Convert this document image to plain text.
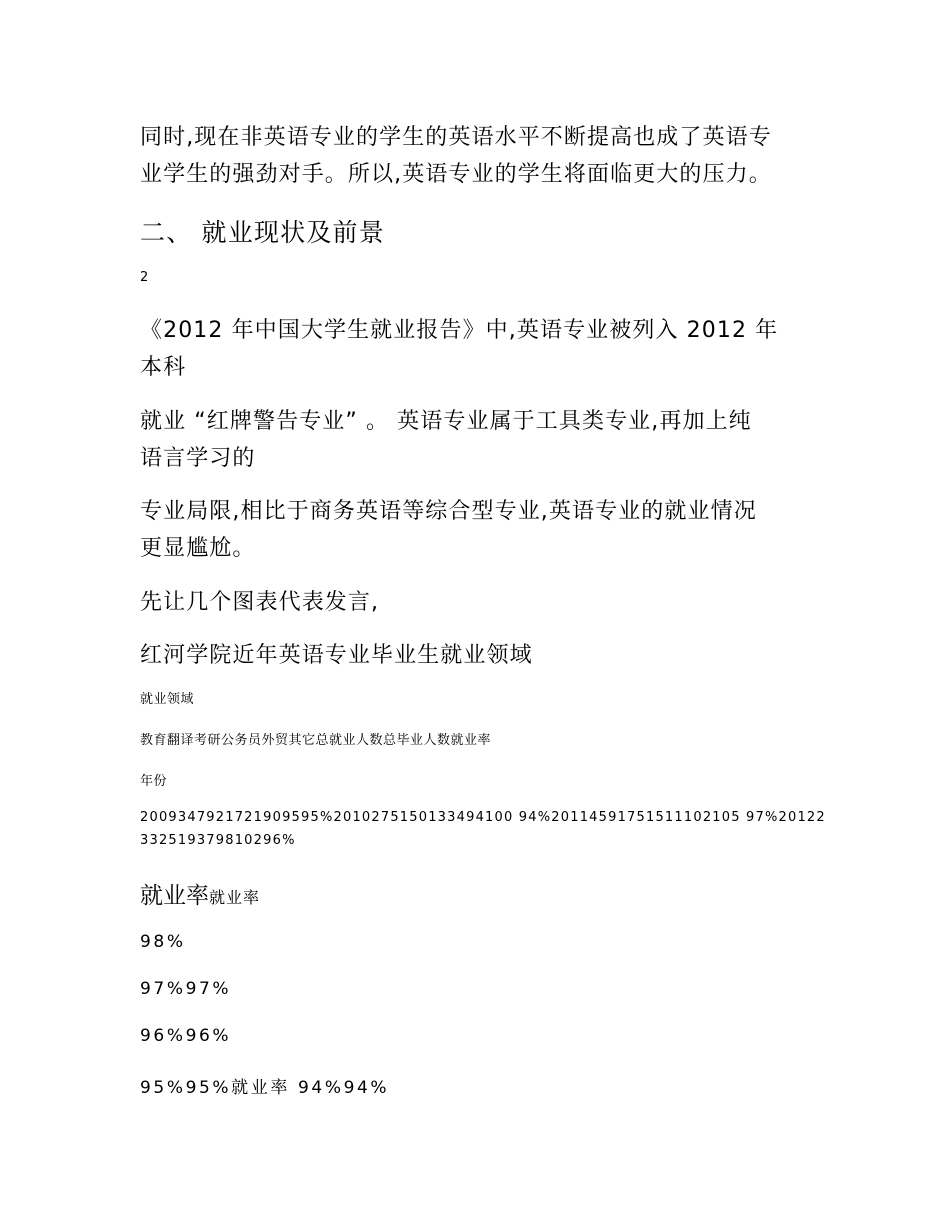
同时,现在非英语专业的学生的英语水平不断提高也成了英语专
业学生的强劲对手。所以,英语专业的学生将面临更大的压力。
二、 就业现状及前景
2
《2012 年中国大学生就业报告》中,英语专业被列入 2012 年
本科
就业 “红牌警告专业” 。 英语专业属于工具类专业,再加上纯
语言学习的
专业局限,相比于商务英语等综合型专业,英语专业的就业情况
更显尴尬。
先让几个图表代表发言,
红河学院近年英语专业毕业生就业领域
就业领域
教育翻译考研公务员外贸其它总就业人数总毕业人数就业率
年份
2009347921721909595%2010275150133494100 94%20114591751511102105 97%20122
332519379810296%
就业率就业率
98%
97%97%
96%96%
95%95%就业率 94%94%
